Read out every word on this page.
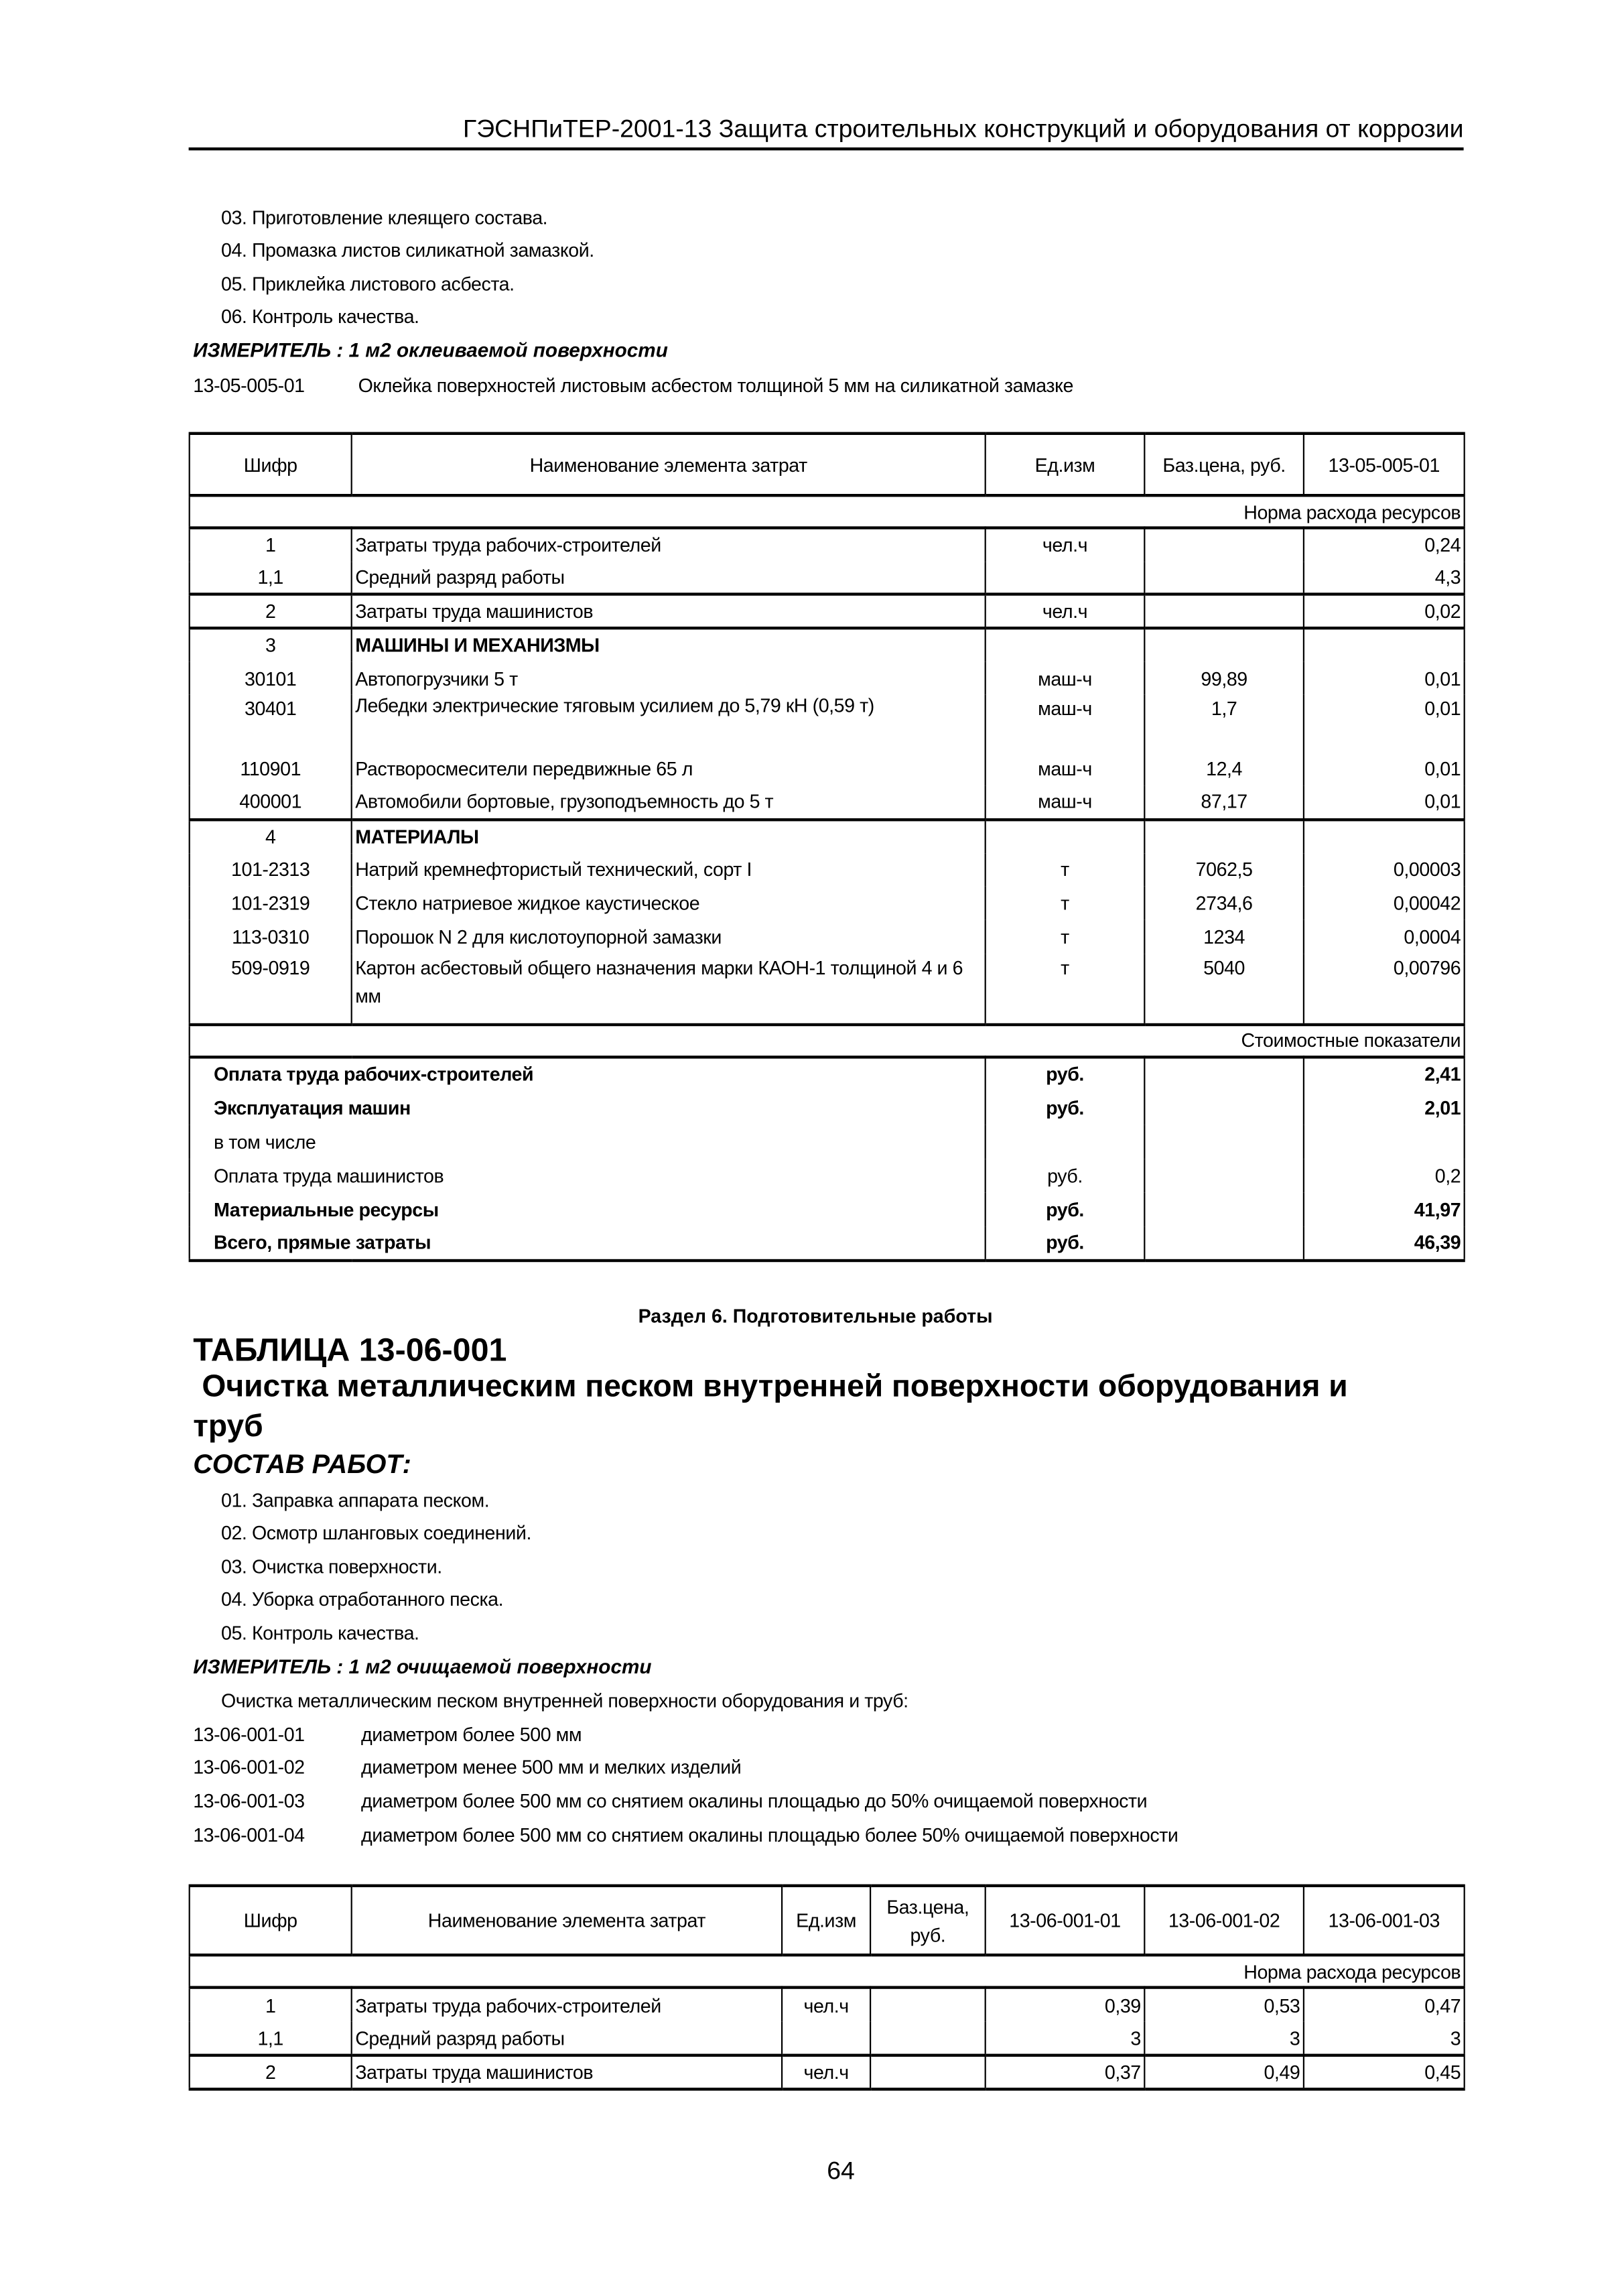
ГЭСНПиТЕР-2001-13 Защита строительных конструкций и оборудования от коррозии
03. Приготовление клеящего состава.
04. Промазка листов силикатной замазкой.
05. Приклейка листового асбеста.
06. Контроль качества.
ИЗМЕРИТЕЛЬ : 1 м2 оклеиваемой поверхности
13-05-005-01	Оклейка поверхностей листовым асбестом толщиной 5 мм на силикатной замазке
Шифр	Наименование элемента затрат	Ед.изм	Баз.цена, руб.	13-05-005-01
Норма расхода ресурсов				
1	Затраты труда рабочих-строителей	чел.ч		0,24
1,1	Средний разряд работы			4,3
2	Затраты труда машинистов	чел.ч		0,02
3	МАШИНЫ И МЕХАНИЗМЫ			
30101	Автопогрузчики 5 т	маш-ч	99,89	0,01
30401	Лебедки электрические тяговым усилием до 5,79 кН (0,59 т)	маш-ч	1,7	0,01
110901	Растворосмесители передвижные 65 л	маш-ч	12,4	0,01
400001	Автомобили бортовые, грузоподъемность до 5 т	маш-ч	87,17	0,01
4	МАТЕРИАЛЫ			
101-2313	Натрий кремнефтористый технический, сорт I	т	7062,5	0,00003
101-2319	Стекло натриевое жидкое каустическое	т	2734,6	0,00042
113-0310	Порошок N 2 для кислотоупорной замазки	т	1234	0,0004
509-0919	Картон асбестовый общего назначения марки КАОН-1 толщиной 4 и 6 мм	т	5040	0,00796
Стоимостные показатели				
Оплата труда рабочих-строителей		руб.		2,41
Эксплуатация машин		руб.		2,01
в том числе				
Оплата труда машинистов		руб.		0,2
Материальные ресурсы		руб.		41,97
Всего, прямые затраты		руб.		46,39
Раздел 6. Подготовительные работы
ТАБЛИЦА 13-06-001
Очистка металлическим песком внутренней поверхности оборудования и
труб
СОСТАВ РАБОТ:
01. Заправка аппарата песком.
02. Осмотр шланговых соединений.
03. Очистка поверхности.
04. Уборка отработанного песка.
05. Контроль качества.
ИЗМЕРИТЕЛЬ : 1 м2 очищаемой поверхности
Очистка металлическим песком внутренней поверхности оборудования и труб:
13-06-001-01	диаметром более 500 мм
13-06-001-02	диаметром менее 500 мм и мелких изделий
13-06-001-03	диаметром более 500 мм со снятием окалины площадью до 50% очищаемой поверхности
13-06-001-04	диаметром более 500 мм со снятием окалины площадью более 50% очищаемой поверхности
Шифр	Наименование элемента затрат	Ед.изм	Баз.цена, руб.	13-06-001-01	13-06-001-02	13-06-001-03
Норма расхода ресурсов						
1	Затраты труда рабочих-строителей	чел.ч		0,39	0,53	0,47
1,1	Средний разряд работы			3	3	3
2	Затраты труда машинистов	чел.ч		0,37	0,49	0,45
64
